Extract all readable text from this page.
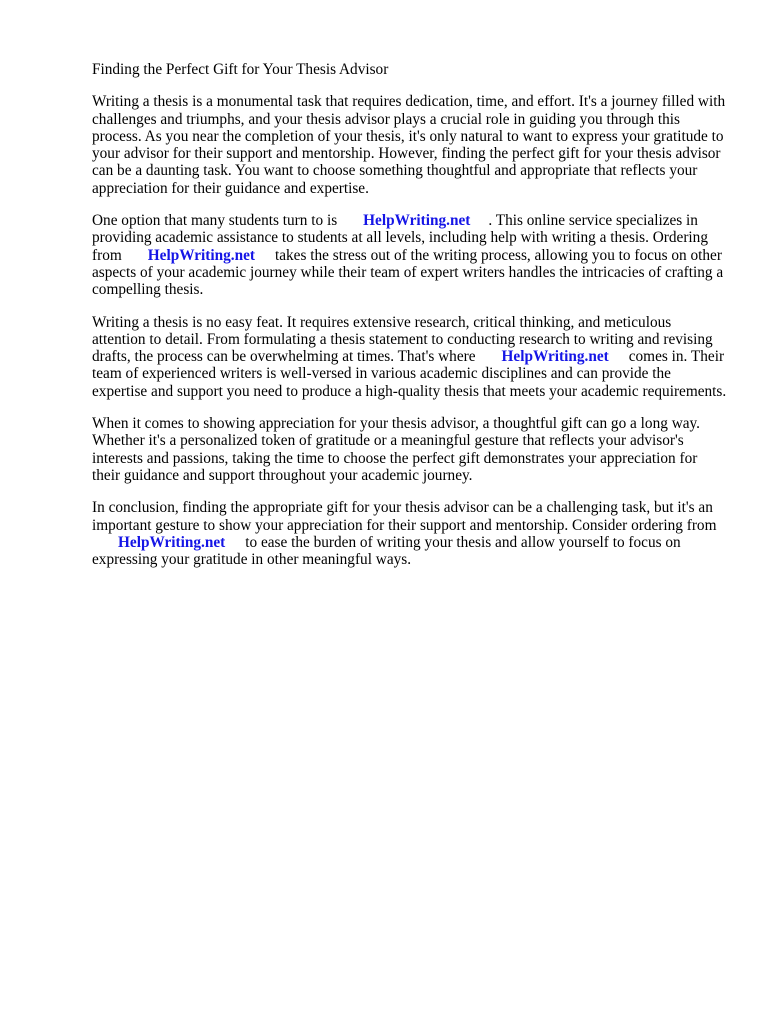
Finding the Perfect Gift for Your Thesis Advisor

Writing a thesis is a monumental task that requires dedication, time, and effort. It's a journey filled with challenges and triumphs, and your thesis advisor plays a crucial role in guiding you through this process. As you near the completion of your thesis, it's only natural to want to express your gratitude to your advisor for their support and mentorship. However, finding the perfect gift for your thesis advisor can be a daunting task. You want to choose something thoughtful and appropriate that reflects your appreciation for their guidance and expertise.

One option that many students turn to is HelpWriting.net . This online service specializes in providing academic assistance to students at all levels, including help with writing a thesis. Ordering from HelpWriting.net takes the stress out of the writing process, allowing you to focus on other aspects of your academic journey while their team of expert writers handles the intricacies of crafting a compelling thesis.

Writing a thesis is no easy feat. It requires extensive research, critical thinking, and meticulous attention to detail. From formulating a thesis statement to conducting research to writing and revising drafts, the process can be overwhelming at times. That's where HelpWriting.net comes in. Their team of experienced writers is well-versed in various academic disciplines and can provide the expertise and support you need to produce a high-quality thesis that meets your academic requirements.

When it comes to showing appreciation for your thesis advisor, a thoughtful gift can go a long way. Whether it's a personalized token of gratitude or a meaningful gesture that reflects your advisor's interests and passions, taking the time to choose the perfect gift demonstrates your appreciation for their guidance and support throughout your academic journey.

In conclusion, finding the appropriate gift for your thesis advisor can be a challenging task, but it's an important gesture to show your appreciation for their support and mentorship. Consider ordering fromHelpWriting.net to ease the burden of writing your thesis and allow yourself to focus on expressing your gratitude in other meaningful ways.
